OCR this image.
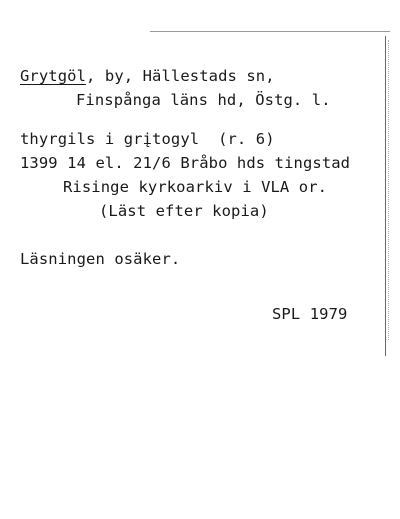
Grytgöl, by, Hällestads sn,
Finspånga läns hd, Östg. l.
thyrgils i grįtogyl  (r. 6)
1399 14 el. 21/6 Bråbo hds tingstad
Risinge kyrkoarkiv i VLA or.
(Läst efter kopia)
Läsningen osäker.
SPL 1979
